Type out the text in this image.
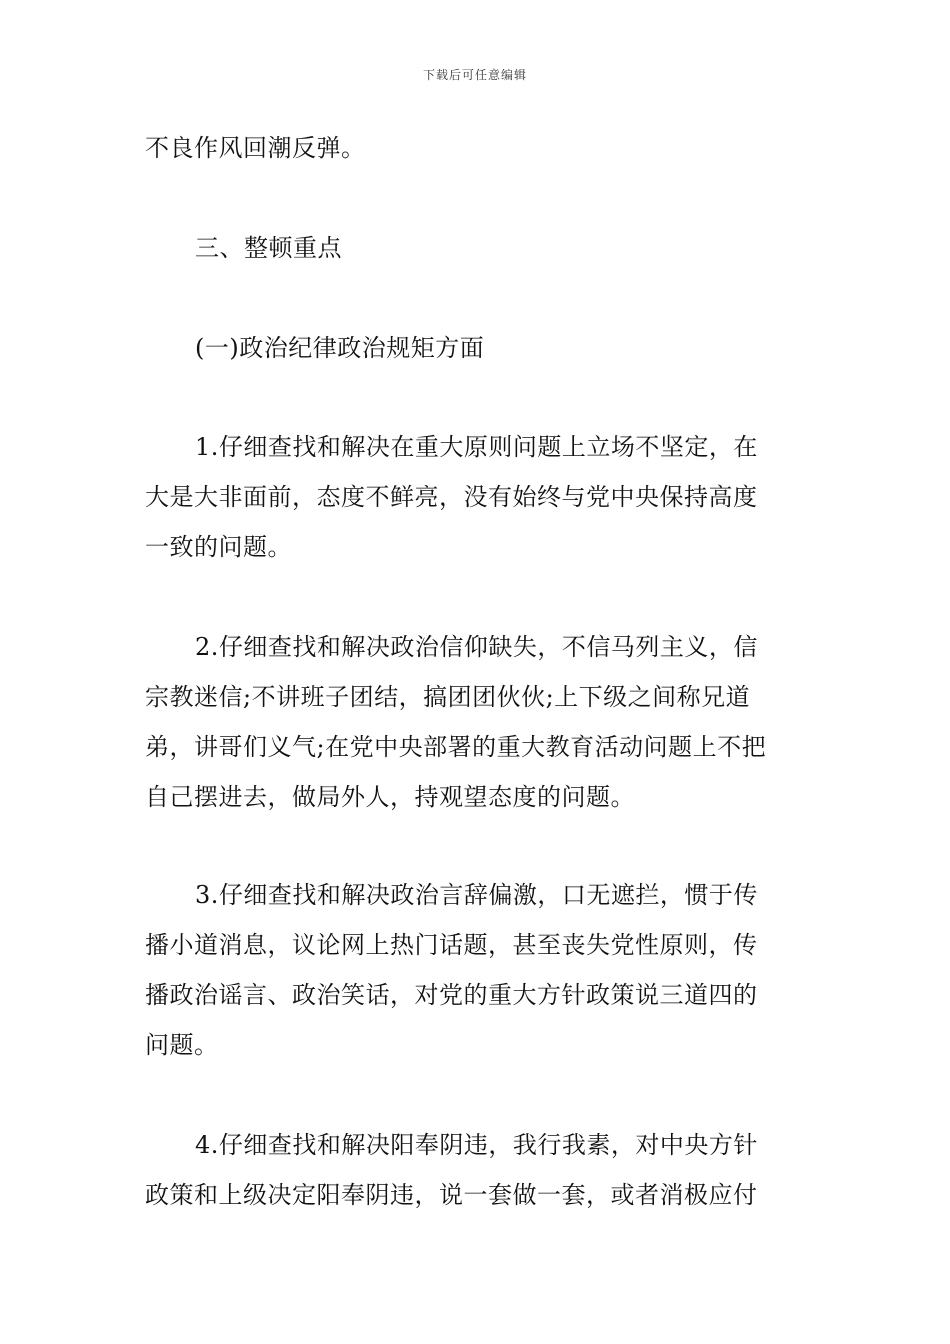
下载后可任意编辑
不良作风回潮反弹。
三、整顿重点
(一)政治纪律政治规矩方面
1.仔细查找和解决在重大原则问题上立场不坚定，在
大是大非面前，态度不鲜亮，没有始终与党中央保持高度
一致的问题。
2.仔细查找和解决政治信仰缺失，不信马列主义，信
宗教迷信;不讲班子团结，搞团团伙伙;上下级之间称兄道
弟，讲哥们义气;在党中央部署的重大教育活动问题上不把
自己摆进去，做局外人，持观望态度的问题。
3.仔细查找和解决政治言辞偏激，口无遮拦，惯于传
播小道消息，议论网上热门话题，甚至丧失党性原则，传
播政治谣言、政治笑话，对党的重大方针政策说三道四的
问题。
4.仔细查找和解决阳奉阴违，我行我素，对中央方针
政策和上级决定阳奉阴违，说一套做一套，或者消极应付
